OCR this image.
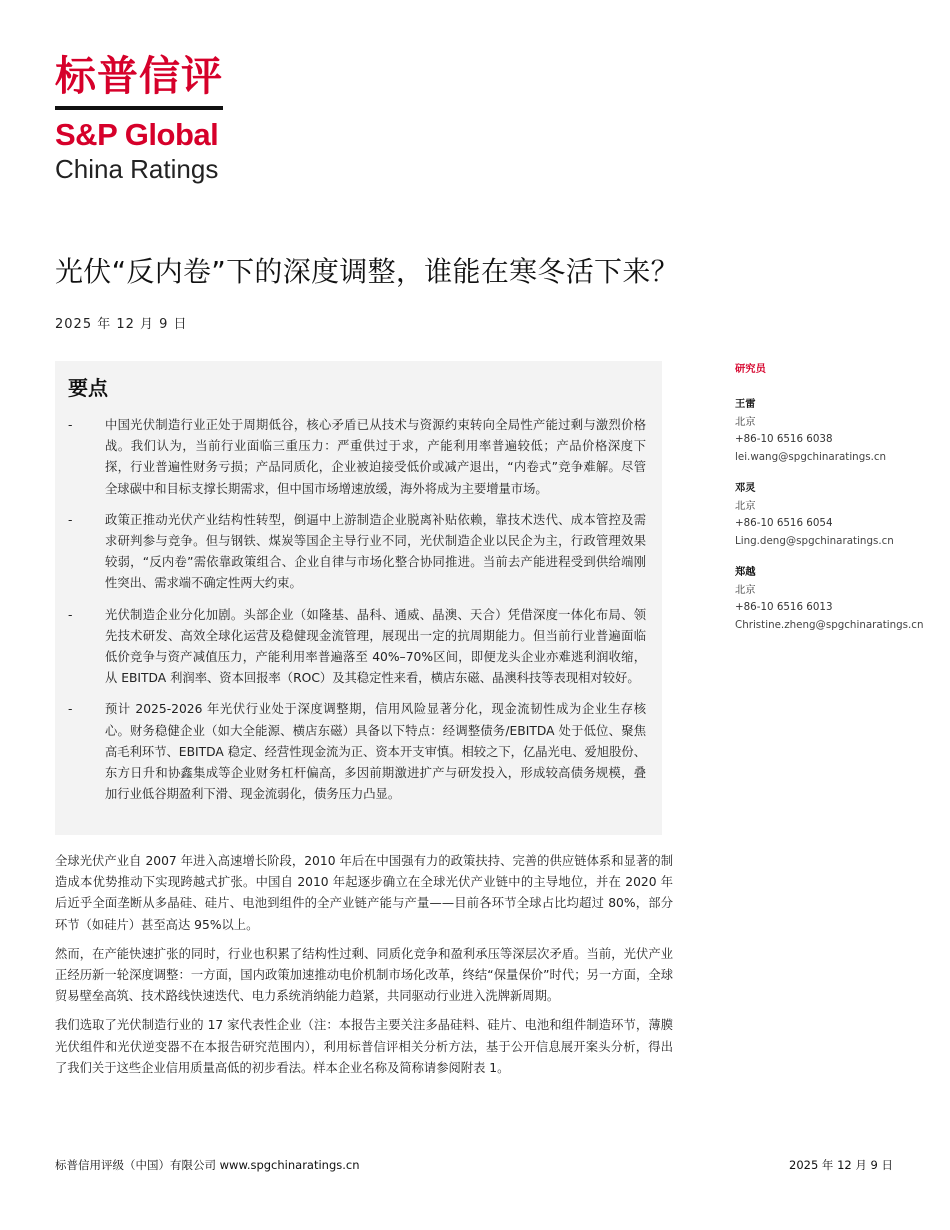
标普信评
S&P Global
China Ratings
光伏“反内卷”下的深度调整，谁能在寒冬活下来？
2025 年 12 月 9 日
要点
-	中国光伏制造行业正处于周期低谷，核心矛盾已从技术与资源约束转向全局性产能过剩与激烈价格战。我们认为，当前行业面临三重压力：严重供过于求，产能利用率普遍较低；产品价格深度下探，行业普遍性财务亏损；产品同质化，企业被迫接受低价或减产退出，“内卷式”竞争难解。尽管全球碳中和目标支撑长期需求，但中国市场增速放缓，海外将成为主要增量市场。
-	政策正推动光伏产业结构性转型，倒逼中上游制造企业脱离补贴依赖，靠技术迭代、成本管控及需求研判参与竞争。但与钢铁、煤炭等国企主导行业不同，光伏制造企业以民企为主，行政管理效果较弱，“反内卷”需依靠政策组合、企业自律与市场化整合协同推进。当前去产能进程受到供给端刚性突出、需求端不确定性两大约束。
-	光伏制造企业分化加剧。头部企业（如隆基、晶科、通威、晶澳、天合）凭借深度一体化布局、领先技术研发、高效全球化运营及稳健现金流管理，展现出一定的抗周期能力。但当前行业普遍面临低价竞争与资产减值压力，产能利用率普遍落至 40%–70%区间，即便龙头企业亦难逃利润收缩，从 EBITDA 利润率、资本回报率（ROC）及其稳定性来看，横店东磁、晶澳科技等表现相对较好。
-	预计 2025-2026 年光伏行业处于深度调整期，信用风险显著分化，现金流韧性成为企业生存核心。财务稳健企业（如大全能源、横店东磁）具备以下特点：经调整债务/EBITDA 处于低位、聚焦高毛利环节、EBITDA 稳定、经营性现金流为正、资本开支审慎。相较之下，亿晶光电、爱旭股份、东方日升和协鑫集成等企业财务杠杆偏高，多因前期激进扩产与研发投入，形成较高债务规模，叠加行业低谷期盈利下滑、现金流弱化，债务压力凸显。

全球光伏产业自 2007 年进入高速增长阶段，2010 年后在中国强有力的政策扶持、完善的供应链体系和显著的制造成本优势推动下实现跨越式扩张。中国自 2010 年起逐步确立在全球光伏产业链中的主导地位，并在 2020 年后近乎全面垄断从多晶硅、硅片、电池到组件的全产业链产能与产量——目前各环节全球占比均超过 80%，部分环节（如硅片）甚至高达 95%以上。

然而，在产能快速扩张的同时，行业也积累了结构性过剩、同质化竞争和盈利承压等深层次矛盾。当前，光伏产业正经历新一轮深度调整：一方面，国内政策加速推动电价机制市场化改革，终结“保量保价”时代；另一方面，全球贸易壁垒高筑、技术路线快速迭代、电力系统消纳能力趋紧，共同驱动行业进入洗牌新周期。

我们选取了光伏制造行业的 17 家代表性企业（注：本报告主要关注多晶硅料、硅片、电池和组件制造环节，薄膜光伏组件和光伏逆变器不在本报告研究范围内），利用标普信评相关分析方法，基于公开信息展开案头分析，得出了我们关于这些企业信用质量高低的初步看法。样本企业名称及简称请参阅附表 1。

研究员
王雷
北京
+86-10 6516 6038
lei.wang@spgchinaratings.cn
邓灵
北京
+86-10 6516 6054
Ling.deng@spgchinaratings.cn
郑越
北京
+86-10 6516 6013
Christine.zheng@spgchinaratings.cn
标普信用评级（中国）有限公司 www.spgchinaratings.cn	2025 年 12 月 9 日
